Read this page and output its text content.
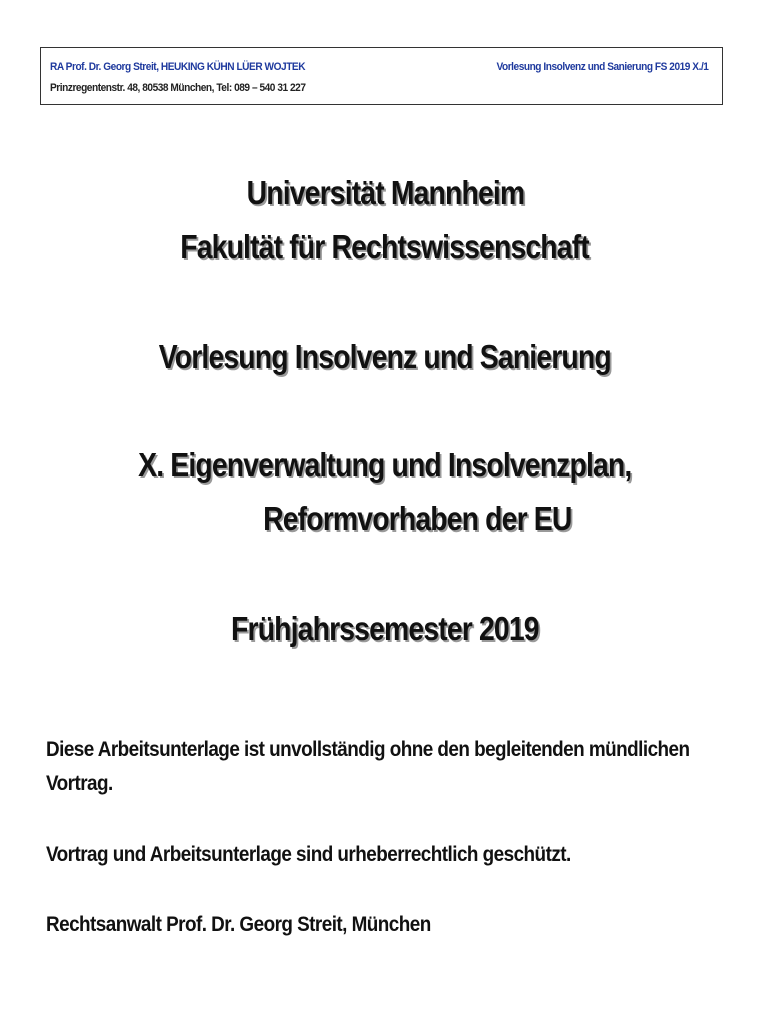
RA Prof. Dr. Georg Streit, HEUKING KÜHN LÜER WOJTEK
Prinzregentenstr. 48, 80538 München, Tel: 089 – 540 31 227
Vorlesung Insolvenz und Sanierung FS 2019 X./1
Universität Mannheim
Fakultät für Rechtswissenschaft
Vorlesung Insolvenz und Sanierung
X. Eigenverwaltung und Insolvenzplan,
Reformvorhaben der EU
Frühjahrssemester 2019

Diese Arbeitsunterlage ist unvollständig ohne den begleitenden mündlichen Vortrag.

Vortrag und Arbeitsunterlage sind urheberrechtlich geschützt.

Rechtsanwalt Prof. Dr. Georg Streit, München
